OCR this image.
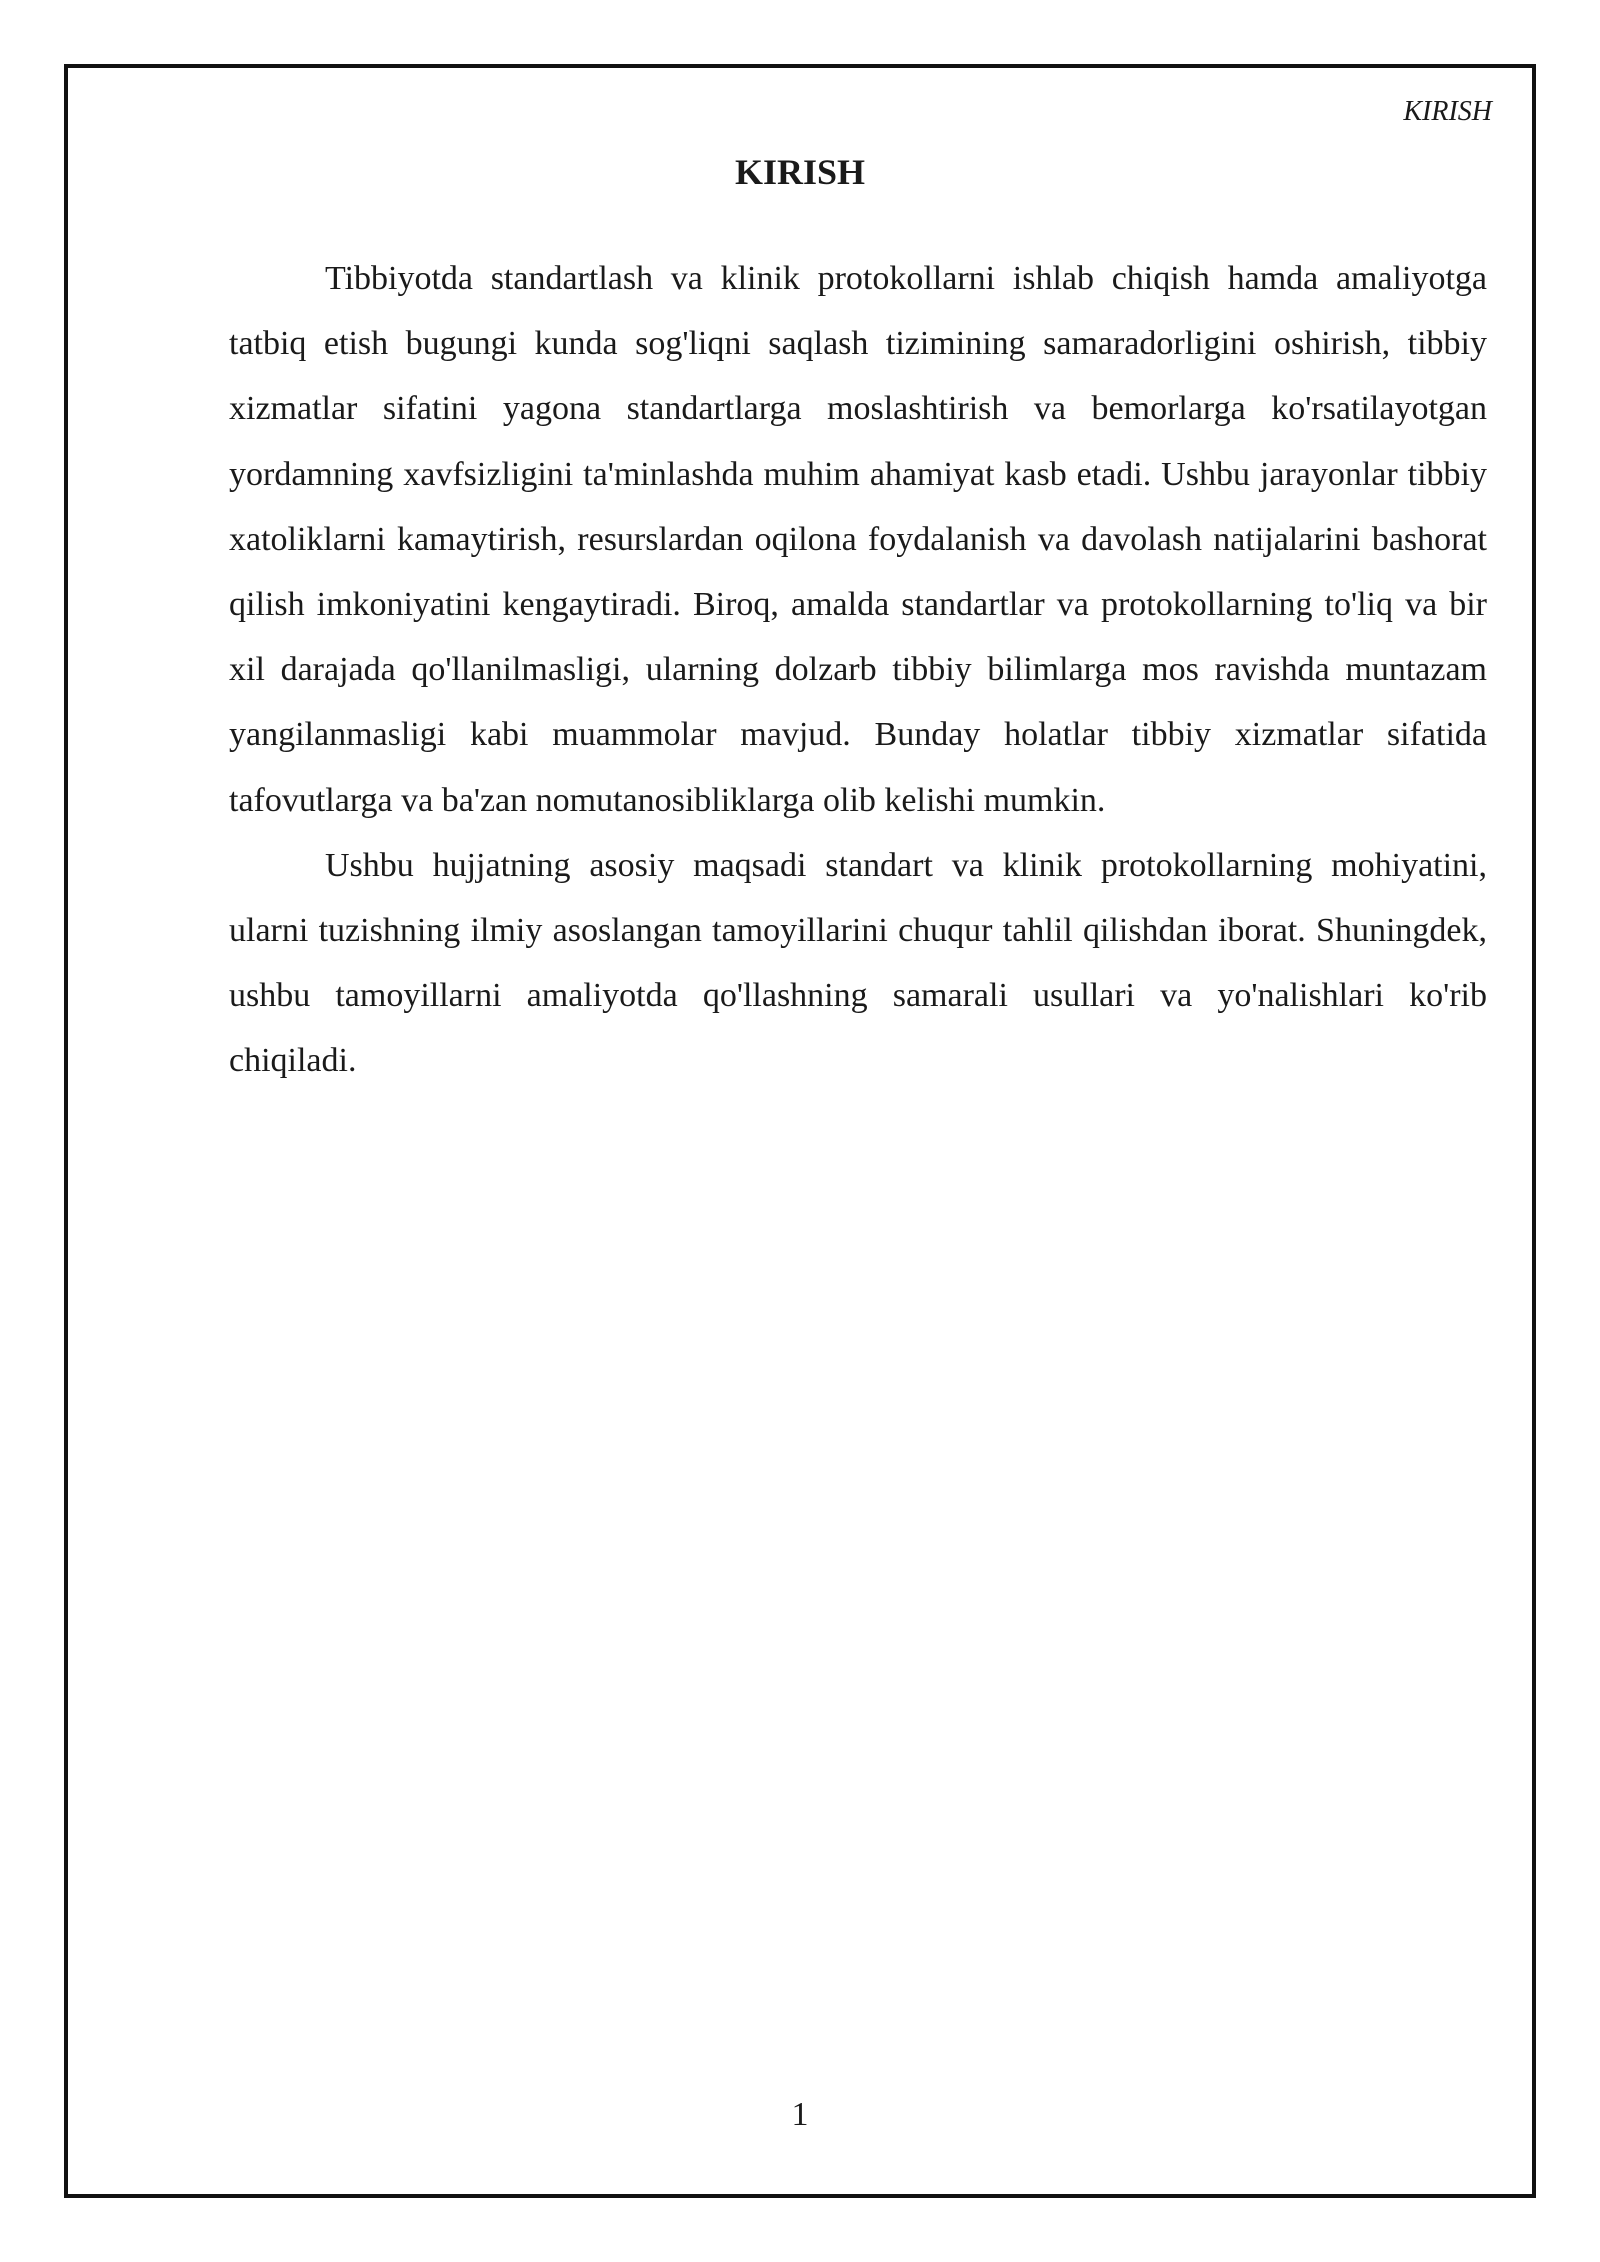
KIRISH
KIRISH

Tibbiyotda standartlash va klinik protokollarni ishlab chiqish hamda amaliyotga tatbiq etish bugungi kunda sog'liqni saqlash tizimining samaradorligini oshirish, tibbiy xizmatlar sifatini yagona standartlarga moslashtirish va bemorlarga ko'rsatilayotgan yordamning xavfsizligini ta'minlashda muhim ahamiyat kasb etadi. Ushbu jarayonlar tibbiy xatoliklarni kamaytirish, resurslardan oqilona foydalanish va davolash natijalarini bashorat qilish imkoniyatini kengaytiradi. Biroq, amalda standartlar va protokollarning to'liq va bir xil darajada qo'llanilmasligi, ularning dolzarb tibbiy bilimlarga mos ravishda muntazam yangilanmasligi kabi muammolar mavjud. Bunday holatlar tibbiy xizmatlar sifatida tafovutlarga va ba'zan nomutanosibliklarga olib kelishi mumkin.

Ushbu hujjatning asosiy maqsadi standart va klinik protokollarning mohiyatini, ularni tuzishning ilmiy asoslangan tamoyillarini chuqur tahlil qilishdan iborat. Shuningdek, ushbu tamoyillarni amaliyotda qo'llashning samarali usullari va yo'nalishlari ko'rib chiqiladi.

1
